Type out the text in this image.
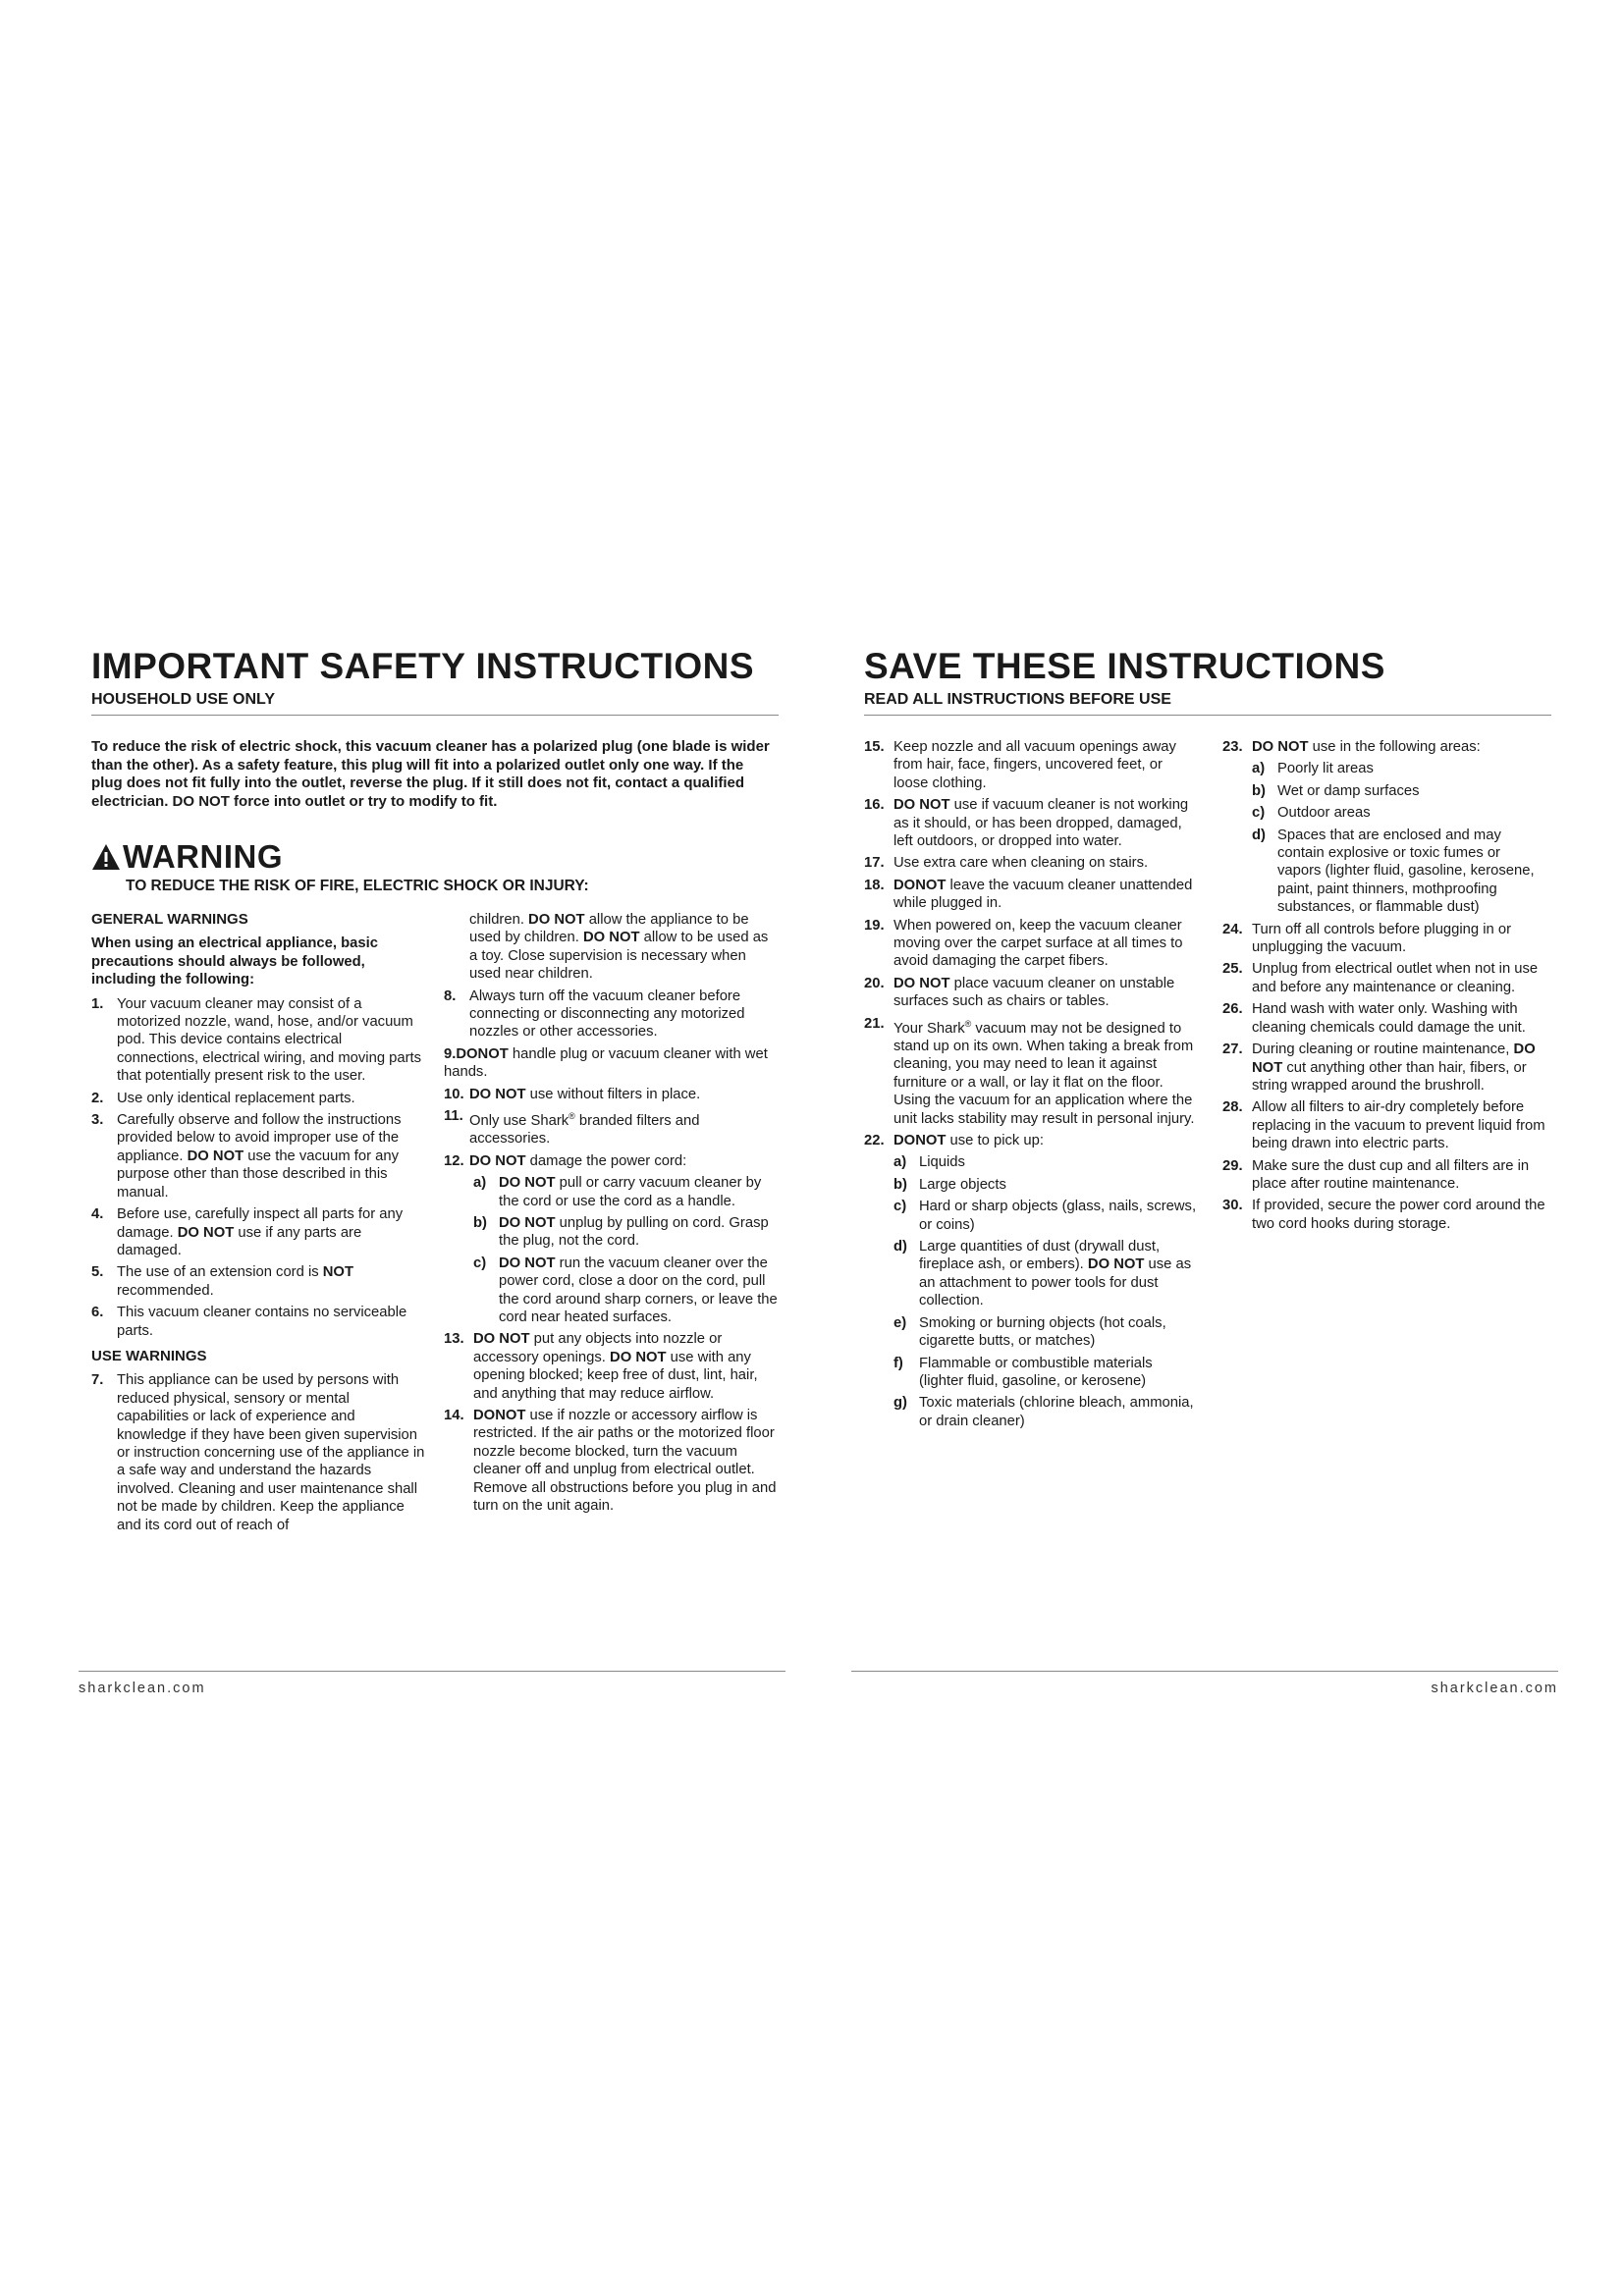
IMPORTANT SAFETY INSTRUCTIONS
HOUSEHOLD USE ONLY

To reduce the risk of electric shock, this vacuum cleaner has a polarized plug (one blade is wider than the other). As a safety feature, this plug will fit into a polarized outlet only one way. If the plug does not fit fully into the outlet, reverse the plug. If it still does not fit, contact a qualified electrician. DO NOT force into outlet or try to modify to fit.

WARNING
TO REDUCE THE RISK OF FIRE, ELECTRIC SHOCK OR INJURY:
GENERAL WARNINGS
When using an electrical appliance, basic precautions should always be followed, including the following:
1. Your vacuum cleaner may consist of a motorized nozzle, wand, hose, and/or vacuum pod. This device contains electrical connections, electrical wiring, and moving parts that potentially present risk to the user.
2. Use only identical replacement parts.
3. Carefully observe and follow the instructions provided below to avoid improper use of the appliance. DO NOT use the vacuum for any purpose other than those described in this manual.
4. Before use, carefully inspect all parts for any damage. DO NOT use if any parts are damaged.
5. The use of an extension cord is NOT recommended.
6. This vacuum cleaner contains no serviceable parts.
USE WARNINGS
7. This appliance can be used by persons with reduced physical, sensory or mental capabilities or lack of experience and knowledge if they have been given supervision or instruction concerning use of the appliance in a safe way and understand the hazards involved. Cleaning and user maintenance shall not be made by children. Keep the appliance and its cord out of reach of
children. DO NOT allow the appliance to be used by children. DO NOT allow to be used as a toy. Close supervision is necessary when used near children.
8. Always turn off the vacuum cleaner before connecting or disconnecting any motorized nozzles or other accessories.
9.DONOT handle plug or vacuum cleaner with wet hands.
10. DO NOT use without filters in place.
11. Only use Shark® branded filters and accessories.
12. DO NOT damage the power cord:
a) DO NOT pull or carry vacuum cleaner by the cord or use the cord as a handle.
b) DO NOT unplug by pulling on cord. Grasp the plug, not the cord.
c) DO NOT run the vacuum cleaner over the power cord, close a door on the cord, pull the cord around sharp corners, or leave the cord near heated surfaces.
13. DO NOT put any objects into nozzle or accessory openings. DO NOT use with any opening blocked; keep free of dust, lint, hair, and anything that may reduce airflow.
14. DONOT use if nozzle or accessory airflow is restricted. If the air paths or the motorized floor nozzle become blocked, turn the vacuum cleaner off and unplug from electrical outlet. Remove all obstructions before you plug in and turn on the unit again.
sharkclean.com
SAVE THESE INSTRUCTIONS
READ ALL INSTRUCTIONS BEFORE USE
15. Keep nozzle and all vacuum openings away from hair, face, fingers, uncovered feet, or loose clothing.
16. DO NOT use if vacuum cleaner is not working as it should, or has been dropped, damaged, left outdoors, or dropped into water.
17. Use extra care when cleaning on stairs.
18. DONOT leave the vacuum cleaner unattended while plugged in.
19. When powered on, keep the vacuum cleaner moving over the carpet surface at all times to avoid damaging the carpet fibers.
20. DO NOT place vacuum cleaner on unstable surfaces such as chairs or tables.
21. Your Shark® vacuum may not be designed to stand up on its own. When taking a break from cleaning, you may need to lean it against furniture or a wall, or lay it flat on the floor. Using the vacuum for an application where the unit lacks stability may result in personal injury.
22. DONOT use to pick up:
a) Liquids
b) Large objects
c) Hard or sharp objects (glass, nails, screws, or coins)
d) Large quantities of dust (drywall dust, fireplace ash, or embers). DO NOT use as an attachment to power tools for dust collection.
e) Smoking or burning objects (hot coals, cigarette butts, or matches)
f) Flammable or combustible materials (lighter fluid, gasoline, or kerosene)
g) Toxic materials (chlorine bleach, ammonia, or drain cleaner)
23. DO NOT use in the following areas:
a) Poorly lit areas
b) Wet or damp surfaces
c) Outdoor areas
d) Spaces that are enclosed and may contain explosive or toxic fumes or vapors (lighter fluid, gasoline, kerosene, paint, paint thinners, mothproofing substances, or flammable dust)
24. Turn off all controls before plugging in or unplugging the vacuum.
25. Unplug from electrical outlet when not in use and before any maintenance or cleaning.
26. Hand wash with water only. Washing with cleaning chemicals could damage the unit.
27. During cleaning or routine maintenance, DO NOT cut anything other than hair, fibers, or string wrapped around the brushroll.
28. Allow all filters to air-dry completely before replacing in the vacuum to prevent liquid from being drawn into electric parts.
29. Make sure the dust cup and all filters are in place after routine maintenance.
30. If provided, secure the power cord around the two cord hooks during storage.
sharkclean.com
